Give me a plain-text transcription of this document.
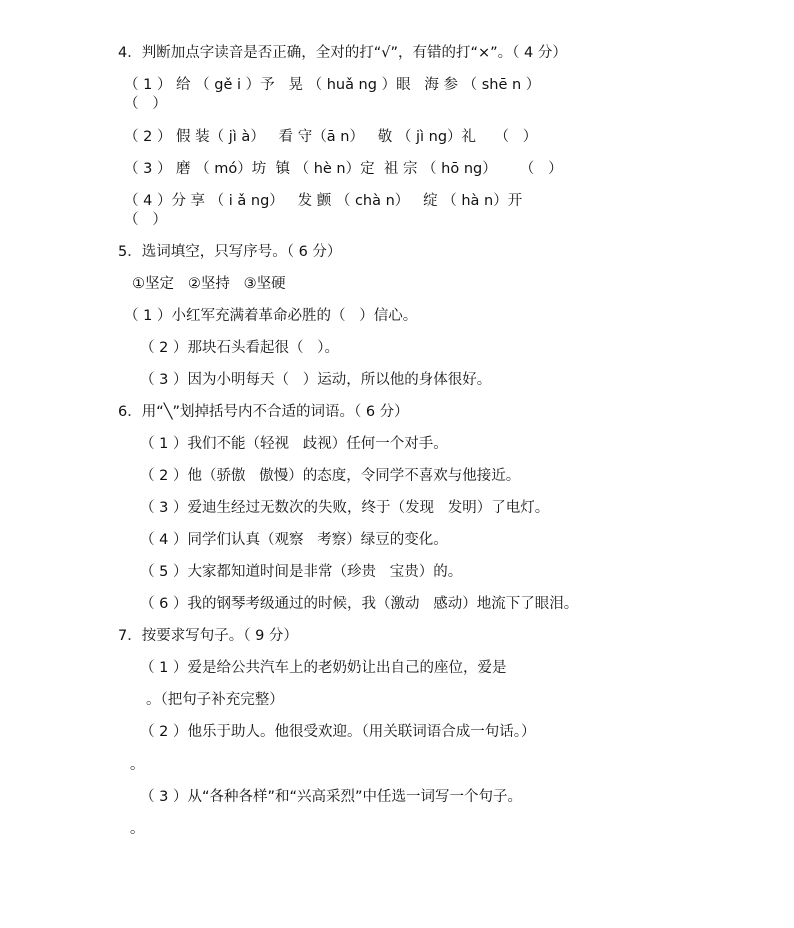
4．判断加点字读音是否正确，全对的打“√”，有错的打“×”。（ 4 分）
（ 1 ） 给 （ gě i ）予   晃 （ huǎ ng ）眼   海 参 （ shē n ）
（   ）
（ 2 ） 假 装（ jì à）   看 守（ā n）   敬 （ jì ng）礼    （   ）
（ 3 ） 磨 （ mó）坊  镇 （ hè n）定  祖 宗 （ hō ng）     （   ）
（ 4 ）分 享 （ i ǎ ng）   发 颤 （ chà n）   绽 （ hà n）开
（   ）
5．选词填空，只写序号。（ 6 分）
①坚定   ②坚持   ③坚硬
（ 1 ）小红军充满着革命必胜的（   ）信心。
（ 2 ）那块石头看起很（   ）。
（ 3 ）因为小明每天（   ）运动，所以他的身体很好。
6．用“╲”划掉括号内不合适的词语。（ 6 分）
（ 1 ）我们不能（轻视   歧视）任何一个对手。
（ 2 ）他（骄傲   傲慢）的态度，令同学不喜欢与他接近。
（ 3 ）爱迪生经过无数次的失败，终于（发现   发明）了电灯。
（ 4 ）同学们认真（观察   考察）绿豆的变化。
（ 5 ）大家都知道时间是非常（珍贵   宝贵）的。
（ 6 ）我的钢琴考级通过的时候，我（激动   感动）地流下了眼泪。
7．按要求写句子。（ 9 分）
（ 1 ）爱是给公共汽车上的老奶奶让出自己的座位，爱是
。（把句子补充完整）
（ 2 ）他乐于助人。他很受欢迎。（用关联词语合成一句话。）
。
（ 3 ）从“各种各样”和“兴高采烈”中任选一词写一个句子。
。
